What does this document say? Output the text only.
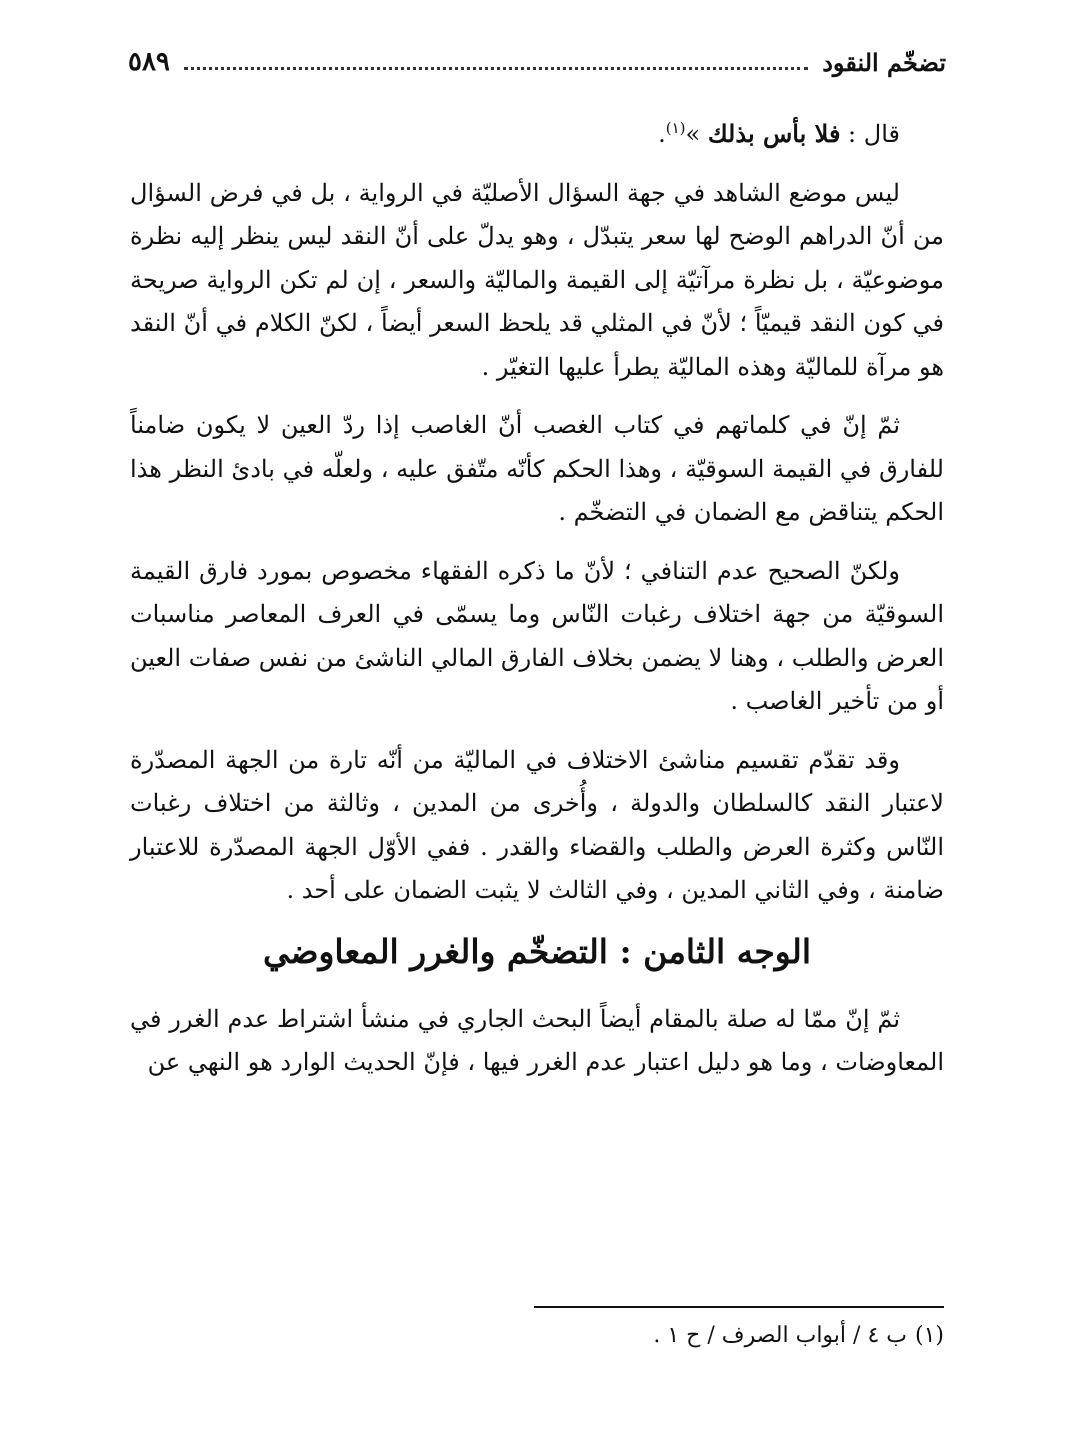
تضخّم النقود
٥٨٩

قال : فلا بأس بذلك »$^{(١)}$.

ليس موضع الشاهد في جهة السؤال الأصليّة في الرواية ، بل في فرض السؤال من أنّ الدراهم الوضح لها سعر يتبدّل ، وهو يدلّ على أنّ النقد ليس ينظر إليه نظرة موضوعيّة ، بل نظرة مرآتيّة إلى القيمة والماليّة والسعر ، إن لم تكن الرواية صريحة في كون النقد قيميّاً ؛ لأنّ في المثلي قد يلحظ السعر أيضاً ، لكنّ الكلام في أنّ النقد هو مرآة للماليّة وهذه الماليّة يطرأ عليها التغيّر .

ثمّ إنّ في كلماتهم في كتاب الغصب أنّ الغاصب إذا ردّ العين لا يكون ضامناً للفارق في القيمة السوقيّة ، وهذا الحكم كأنّه متّفق عليه ، ولعلّه في بادئ النظر هذا الحكم يتناقض مع الضمان في التضخّم .

ولكنّ الصحيح عدم التنافي ؛ لأنّ ما ذكره الفقهاء مخصوص بمورد فارق القيمة السوقيّة من جهة اختلاف رغبات النّاس وما يسمّى في العرف المعاصر مناسبات العرض والطلب ، وهنا لا يضمن بخلاف الفارق المالي الناشئ من نفس صفات العين أو من تأخير الغاصب .

وقد تقدّم تقسيم مناشئ الاختلاف في الماليّة من أنّه تارة من الجهة المصدّرة لاعتبار النقد كالسلطان والدولة ، وأُخرى من المدين ، وثالثة من اختلاف رغبات النّاس وكثرة العرض والطلب والقضاء والقدر . ففي الأوّل الجهة المصدّرة للاعتبار ضامنة ، وفي الثاني المدين ، وفي الثالث لا يثبت الضمان على أحد .

الوجه الثامن : التضخّم والغرر المعاوضي

ثمّ إنّ ممّا له صلة بالمقام أيضاً البحث الجاري في منشأ اشتراط عدم الغرر في المعاوضات ، وما هو دليل اعتبار عدم الغرر فيها ، فإنّ الحديث الوارد هو النهي عن

(١)ب ٤ / أبواب الصرف / ح ١ .
